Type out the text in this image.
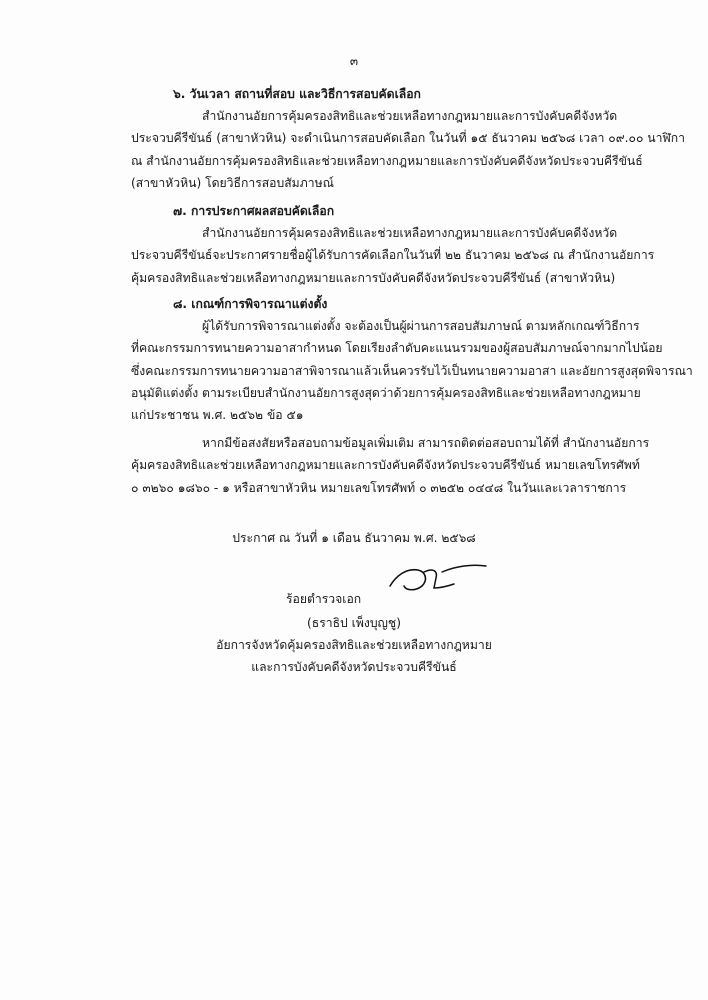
๓
๖. วันเวลา สถานที่สอบ และวิธีการสอบคัดเลือก
สำนักงานอัยการคุ้มครองสิทธิและช่วยเหลือทางกฎหมายและการบังคับคดีจังหวัด
ประจวบคีรีขันธ์ (สาขาหัวหิน) จะดำเนินการสอบคัดเลือก ในวันที่ ๑๕ ธันวาคม ๒๕๖๘ เวลา ๐๙.๐๐ นาฬิกา
ณ สำนักงานอัยการคุ้มครองสิทธิและช่วยเหลือทางกฎหมายและการบังคับคดีจังหวัดประจวบคีรีขันธ์
(สาขาหัวหิน) โดยวิธีการสอบสัมภาษณ์
๗. การประกาศผลสอบคัดเลือก
สำนักงานอัยการคุ้มครองสิทธิและช่วยเหลือทางกฎหมายและการบังคับคดีจังหวัด
ประจวบคีรีขันธ์จะประกาศรายชื่อผู้ได้รับการคัดเลือกในวันที่ ๒๒ ธันวาคม ๒๕๖๘ ณ สำนักงานอัยการ
คุ้มครองสิทธิและช่วยเหลือทางกฎหมายและการบังคับคดีจังหวัดประจวบคีรีขันธ์ (สาขาหัวหิน)
๘. เกณฑ์การพิจารณาแต่งตั้ง
ผู้ได้รับการพิจารณาแต่งตั้ง จะต้องเป็นผู้ผ่านการสอบสัมภาษณ์ ตามหลักเกณฑ์วิธีการ
ที่คณะกรรมการทนายความอาสากำหนด โดยเรียงลำดับคะแนนรวมของผู้สอบสัมภาษณ์จากมากไปน้อย
ซึ่งคณะกรรมการทนายความอาสาพิจารณาแล้วเห็นควรรับไว้เป็นทนายความอาสา และอัยการสูงสุดพิจารณา
อนุมัติแต่งตั้ง ตามระเบียบสำนักงานอัยการสูงสุดว่าด้วยการคุ้มครองสิทธิและช่วยเหลือทางกฎหมาย
แก่ประชาชน พ.ศ. ๒๕๖๒ ข้อ ๕๑
หากมีข้อสงสัยหรือสอบถามข้อมูลเพิ่มเติม สามารถติดต่อสอบถามได้ที่ สำนักงานอัยการ
คุ้มครองสิทธิและช่วยเหลือทางกฎหมายและการบังคับคดีจังหวัดประจวบคีรีขันธ์ หมายเลขโทรศัพท์
๐ ๓๒๖๐ ๑๘๖๐ - ๑ หรือสาขาหัวหิน หมายเลขโทรศัพท์ ๐ ๓๒๕๒ ๐๔๔๘ ในวันและเวลาราชการ
ประกาศ ณ วันที่ ๑ เดือน ธันวาคม พ.ศ. ๒๕๖๘
ร้อยตำรวจเอก
(ธราธิป เพ็งบุญชู)
อัยการจังหวัดคุ้มครองสิทธิและช่วยเหลือทางกฎหมาย
และการบังคับคดีจังหวัดประจวบคีรีขันธ์
